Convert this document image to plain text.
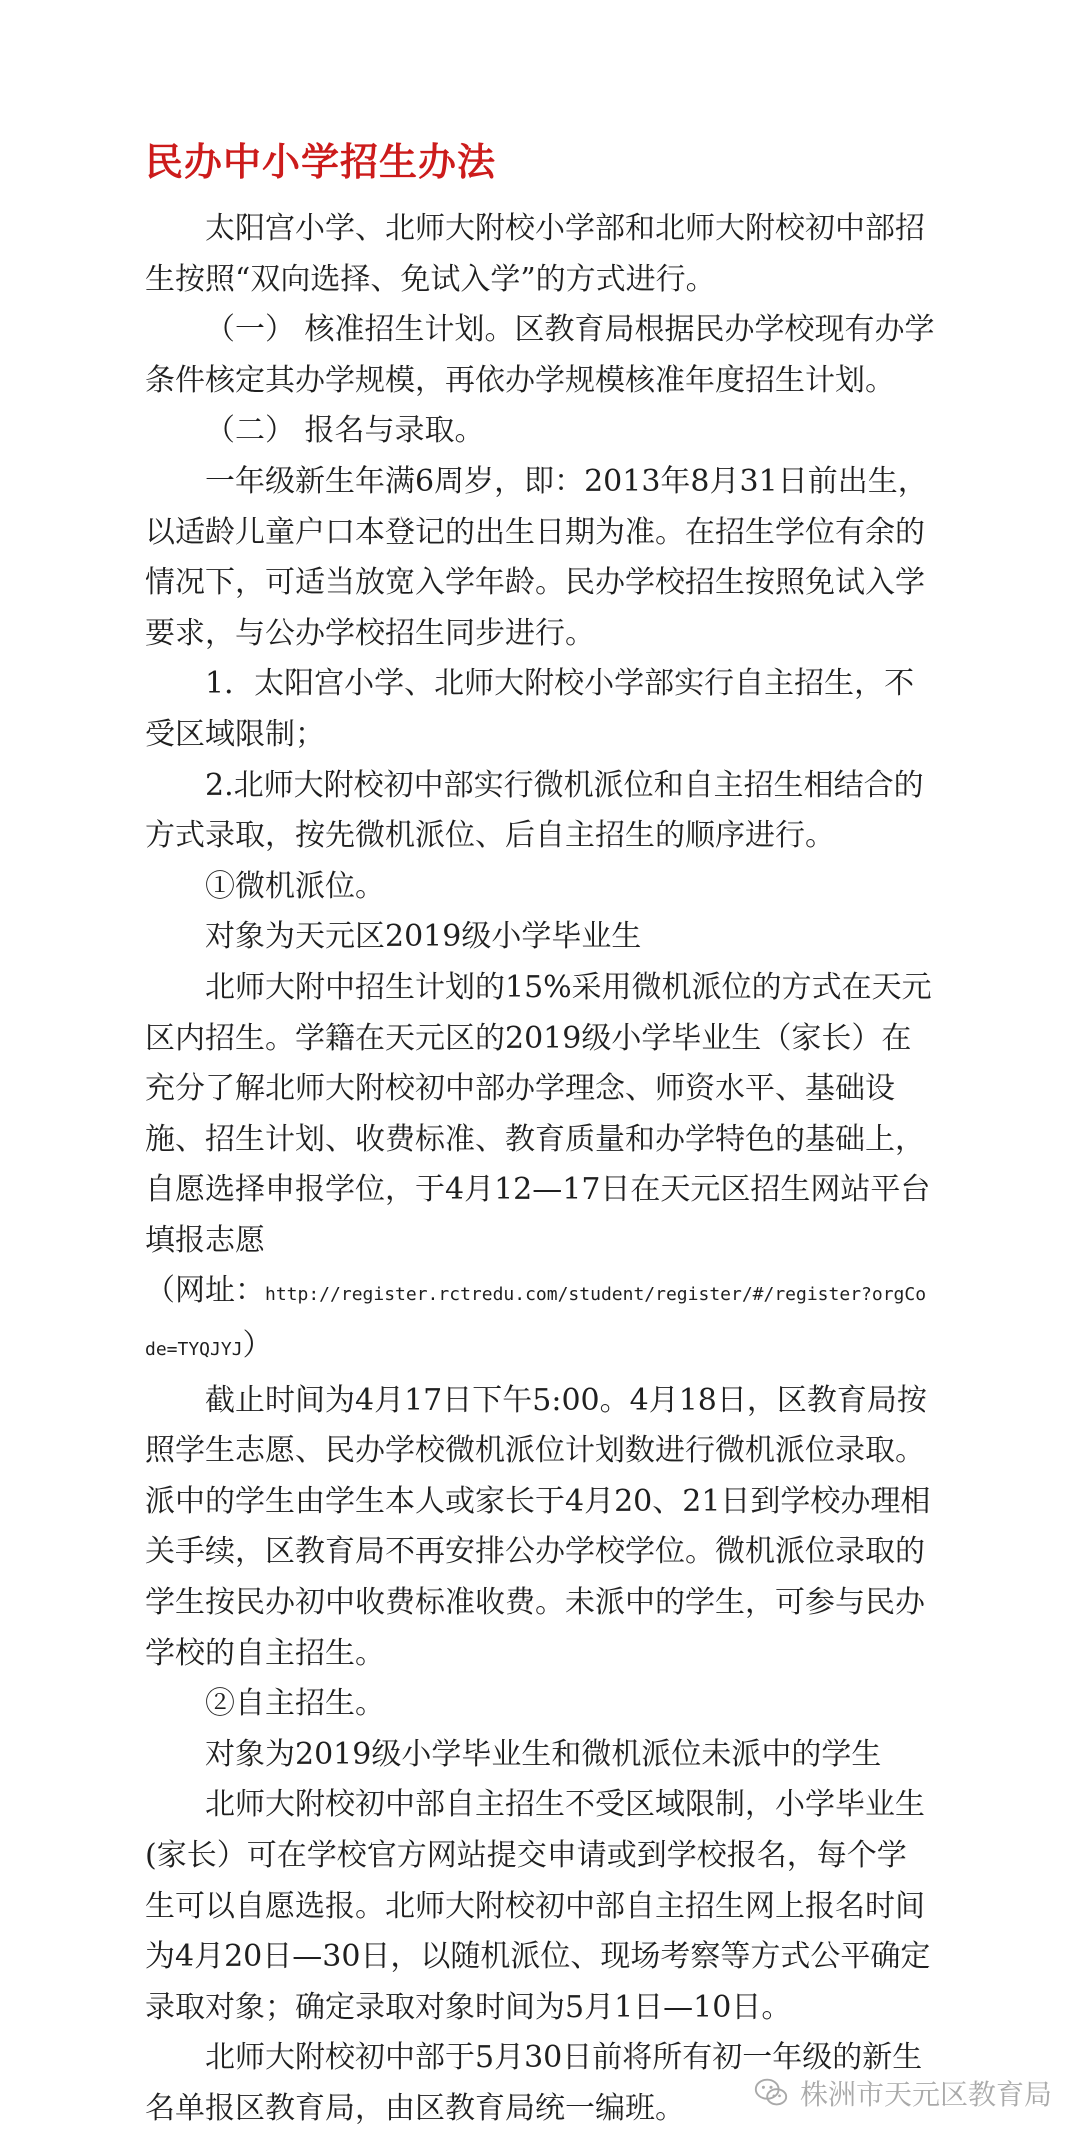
民办中小学招生办法

太阳宫小学、北师大附校小学部和北师大附校初中部招生按照“双向选择、免试入学”的方式进行。

（一） 核准招生计划。区教育局根据民办学校现有办学条件核定其办学规模，再依办学规模核准年度招生计划。

（二） 报名与录取。

一年级新生年满6周岁，即：2013年8月31日前出生，以适龄儿童户口本登记的出生日期为准。在招生学位有余的情况下，可适当放宽入学年龄。民办学校招生按照免试入学要求，与公办学校招生同步进行。

1．太阳宫小学、北师大附校小学部实行自主招生，不受区域限制；

2.北师大附校初中部实行微机派位和自主招生相结合的方式录取，按先微机派位、后自主招生的顺序进行。

①微机派位。

对象为天元区2019级小学毕业生

北师大附中招生计划的15%采用微机派位的方式在天元区内招生。学籍在天元区的2019级小学毕业生（家长）在充分了解北师大附校初中部办学理念、师资水平、基础设施、招生计划、收费标准、教育质量和办学特色的基础上，自愿选择申报学位，于4月12—17日在天元区招生网站平台填报志愿

（网址：http://register.rctredu.com/student/register/#/register?orgCode=TYQJYJ）

截止时间为4月17日下午5:00。4月18日，区教育局按照学生志愿、民办学校微机派位计划数进行微机派位录取。派中的学生由学生本人或家长于4月20、21日到学校办理相关手续，区教育局不再安排公办学校学位。微机派位录取的学生按民办初中收费标准收费。未派中的学生，可参与民办学校的自主招生。

②自主招生。

对象为2019级小学毕业生和微机派位未派中的学生

北师大附校初中部自主招生不受区域限制，小学毕业生(家长）可在学校官方网站提交申请或到学校报名，每个学生可以自愿选报。北师大附校初中部自主招生网上报名时间为4月20日—30日，以随机派位、现场考察等方式公平确定录取对象；确定录取对象时间为5月1日—10日。

北师大附校初中部于5月30日前将所有初一年级的新生名单报区教育局，由区教育局统一编班。	株洲市天元区教育局
